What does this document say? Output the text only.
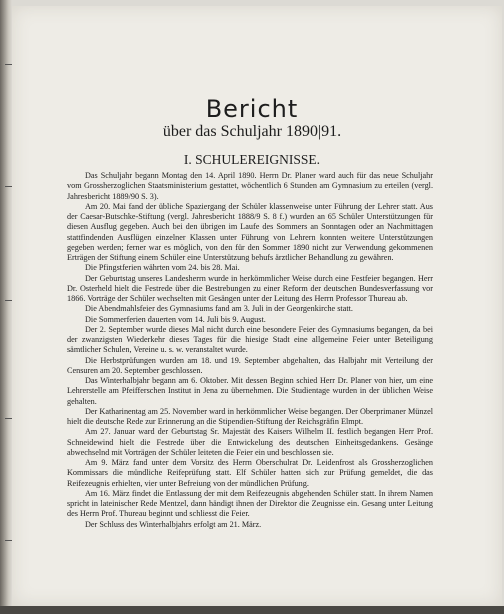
Bericht
über das Schuljahr 1890|91.
I. SCHULEREIGNISSE.

Das Schuljahr begann Montag den 14. April 1890. Herrn Dr. Planer ward auch für das neue Schuljahr vom Grossherzoglichen Staatsministerium gestattet, wöchentlich 6 Stunden am Gymnasium zu erteilen (vergl. Jahresbericht 1889/90 S. 3).

Am 20. Mai fand der übliche Spaziergang der Schüler klassenweise unter Führung der Lehrer statt. Aus der Caesar-Butschke-Stiftung (vergl. Jahresbericht 1888/9 S. 8 f.) wurden an 65 Schüler Unterstützungen für diesen Ausflug gegeben. Auch bei den übrigen im Laufe des Sommers an Sonntagen oder an Nachmittagen stattfindenden Ausflügen einzelner Klassen unter Führung von Lehrern konnten weitere Unterstützungen gegeben werden; ferner war es möglich, von den für den Sommer 1890 nicht zur Verwendung gekommenen Erträgen der Stiftung einem Schüler eine Unterstützung behufs ärztlicher Behandlung zu gewähren.

Die Pfingstferien währten vom 24. bis 28. Mai.

Der Geburtstag unseres Landesherrn wurde in herkömmlicher Weise durch eine Festfeier begangen. Herr Dr. Osterheld hielt die Festrede über die Bestrebungen zu einer Reform der deutschen Bundesverfassung vor 1866. Vorträge der Schüler wechselten mit Gesängen unter der Leitung des Herrn Professor Thureau ab.

Die Abendmahlsfeier des Gymnasiums fand am 3. Juli in der Georgenkirche statt.

Die Sommerferien dauerten vom 14. Juli bis 9. August.

Der 2. September wurde dieses Mal nicht durch eine besondere Feier des Gymnasiums begangen, da bei der zwanzigsten Wiederkehr dieses Tages für die hiesige Stadt eine allgemeine Feier unter Beteiligung sämtlicher Schulen, Vereine u. s. w. veranstaltet wurde.

Die Herbstprüfungen wurden am 18. und 19. September abgehalten, das Halbjahr mit Verteilung der Censuren am 20. September geschlossen.

Das Winterhalbjahr begann am 6. Oktober. Mit dessen Beginn schied Herr Dr. Planer von hier, um eine Lehrerstelle am Pfeifferschen Institut in Jena zu übernehmen. Die Studientage wurden in der üblichen Weise gehalten.

Der Katharinentag am 25. November ward in herkömmlicher Weise begangen. Der Oberprimaner Münzel hielt die deutsche Rede zur Erinnerung an die Stipendien-Stiftung der Reichsgräfin Elmpt.

Am 27. Januar ward der Geburtstag Sr. Majestät des Kaisers Wilhelm II. festlich begangen Herr Prof. Schneidewind hielt die Festrede über die Entwickelung des deutschen Einheitsgedankens. Gesänge abwechselnd mit Vorträgen der Schüler leiteten die Feier ein und beschlossen sie.

Am 9. März fand unter dem Vorsitz des Herrn Oberschulrat Dr. Leidenfrost als Grossherzoglichen Kommissars die mündliche Reifeprüfung statt. Elf Schüler hatten sich zur Prüfung gemeldet, die das Reifezeugnis erhielten, vier unter Befreiung von der mündlichen Prüfung.

Am 16. März findet die Entlassung der mit dem Reifezeugnis abgehenden Schüler statt. In ihrem Namen spricht in lateinischer Rede Mentzel, dann händigt ihnen der Direktor die Zeugnisse ein. Gesang unter Leitung des Herrn Prof. Thureau beginnt und schliesst die Feier.

Der Schluss des Winterhalbjahrs erfolgt am 21. März.
